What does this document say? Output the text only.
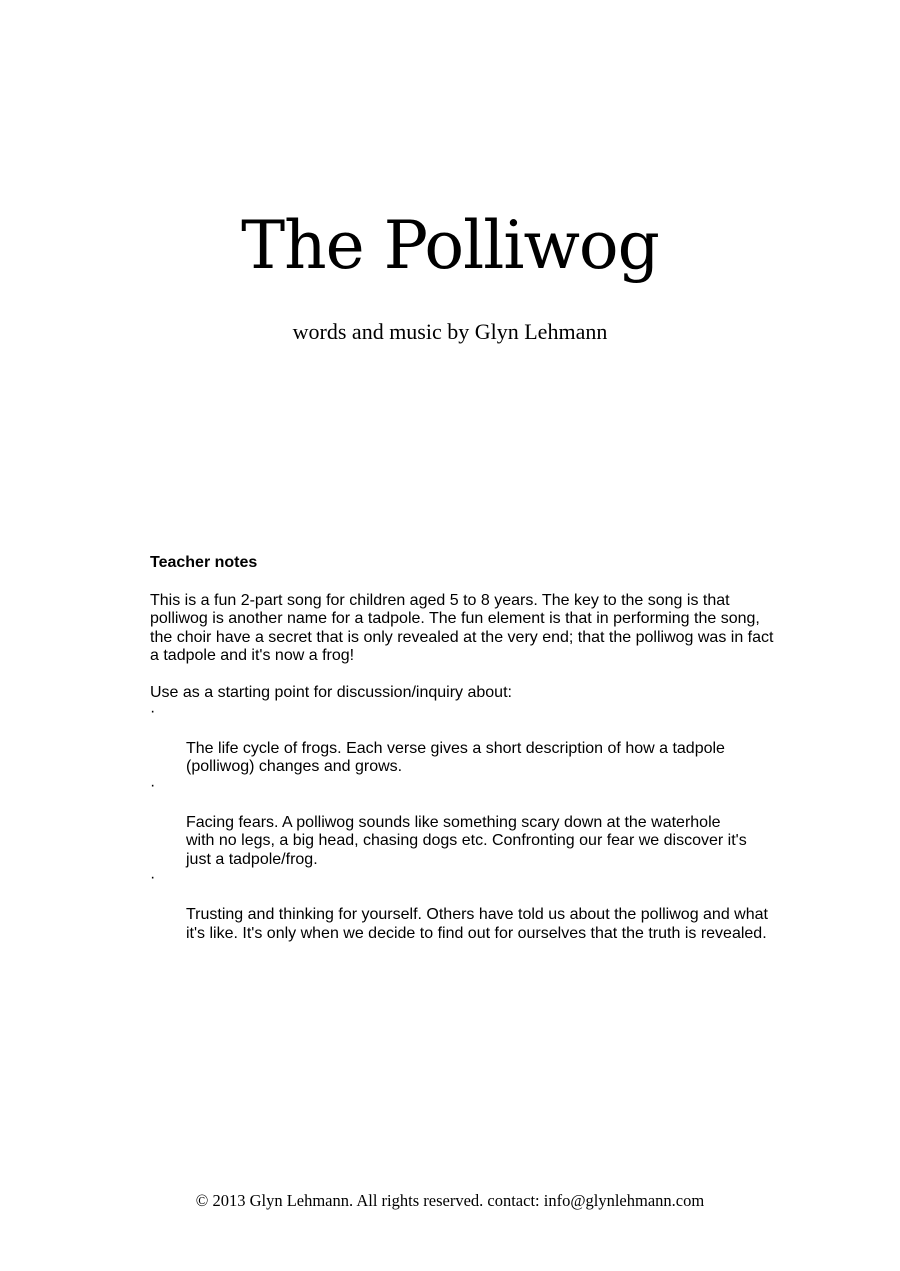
The Polliwog
words and music by Glyn Lehmann
Teacher notes

This is a fun 2-part song for children aged 5 to 8 years. The key to the song is that
polliwog is another name for a tadpole. The fun element is that in performing the song,
the choir have a secret that is only revealed at the very end; that the polliwog was in fact
a tadpole and it's now a frog!

Use as a starting point for discussion/inquiry about:

·

The life cycle of frogs. Each verse gives a short description of how a tadpole
(polliwog) changes and grows.

·

Facing fears. A polliwog sounds like something scary down at the waterhole
with no legs, a big head, chasing dogs etc. Confronting our fear we discover it's
just a tadpole/frog.

·

Trusting and thinking for yourself. Others have told us about the polliwog and what
it's like. It's only when we decide to find out for ourselves that the truth is revealed.

© 2013 Glyn Lehmann. All rights reserved. contact: info@glynlehmann.com
